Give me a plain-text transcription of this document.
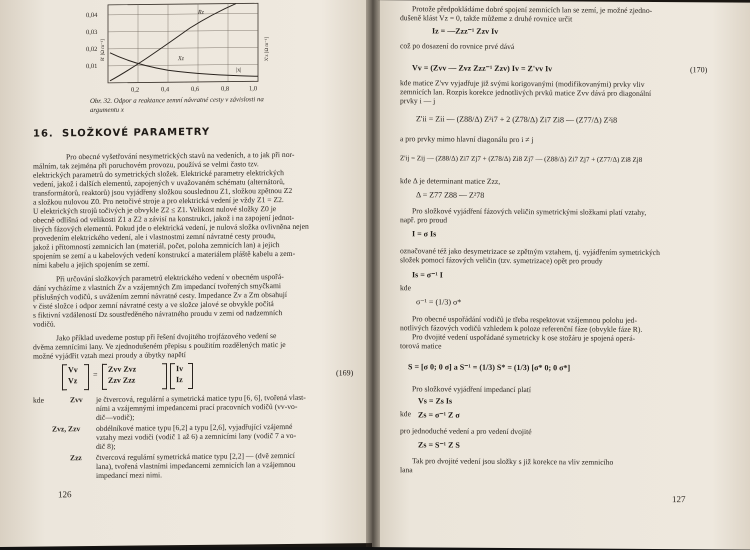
Rz
Xz
0,04
0,03
0,02
0,01
0,2	0,4	0,6	0,8	1,0
|x|
R' [Ω m⁻¹]	X'z [Ω m⁻¹]
Obr. 32. Odpor a reaktance zemní návratné cesty v závislosti na
argumentu x
16. SLOŽKOVÉ PARAMETRY
Pro obecné vyšetřování nesymetrických stavů na vedeních, a to jak při nor-
málním, tak zejména při poruchovém provozu, používá se velmi často tzv.
elektrických parametrů do symetrických složek. Elektrické parametry elektrických
vedení, jakož i dalších elementů, zapojených v uvažovaném schématu (alternátorů,
transformátorů, reaktorů) jsou vyjádřeny složkou souslednou Z1, složkou zpětnou Z2
a složkou nulovou Z0. Pro netočivé stroje a pro elektrická vedení je vždy Z1 = Z2.
U elektrických strojů točivých je obvykle Z2 ≤ Z1. Velikost nulové složky Z0 je
obecně odlišná od velikosti Z1 a Z2 a závisí na konstrukci, jakož i na zapojení jednot-
livých fázových elementů. Pokud jde o elektrická vedení, je nulová složka ovlivněna nejen
provedením elektrického vedení, ale i vlastnostmi zemní návratné cesty proudu,
jakož i přítomností zemnicích lan (materiál, počet, poloha zemnicích lan) a jejich
spojením se zemí a u kabelových vedení konstrukcí a materiálem pláště kabelu a zem-
ními kabelu a jejich spojením se zemí.
Při určování složkových parametrů elektrického vedení v obecném uspořá-
dání vycházíme z vlastních Zv a vzájemných Zm impedancí tvořených smyčkami
příslušných vodičů, s uvážením zemní návratné cesty. Impedance Zv a Zm obsahují
v čisté složce i odpor zemní návratné cesty a ve složce jalové se obvykle počítá
s fiktivní vzdáleností Dz soustředěného návratného proudu v zemi od nadzemních
vodičů.
Jako příklad uvedeme postup při řešení dvojitého trojfázového vedení se
dvěma zemnícími lany. Ve zjednodušeném přepisu s použitím rozdělených matic je
možné vyjádřit vztah mezi proudy a úbytky napětí
Vv
Vz
=
Zvv Zvz
Zzv Zzz
Iv
Iz
(169)
kde	Zvv je čtvercová, regulární a symetrická matice typu [6, 6], tvořená vlast-
ními a vzájemnými impedancemi prací pracovních vodičů (vv-vo-
dič—vodič);
Zvz, Zzv obdélníkové matice typu [6,2] a typu [2,6], vyjadřující vzájemné
vztahy mezi vodiči (vodič 1 až 6) a zemnicími lany (vodič 7 a vo-
dič 8);
Zzz čtvercová regulární symetrická matice typu [2,2] — (dvě zemnicí
lana), tvořená vlastními impedancemi zemnicích lan a vzájemnou
impedancí mezi nimi.
126
Protože předpokládáme dobré spojení zemnicích lan se zemí, je možné zjedno-
dušeně klást Vz = 0, takže můžeme z druhé rovnice určit
Iz = —Zzz⁻¹ Zzv Iv
což po dosazení do rovnice prvé dává
Vv = (Zvv — Zvz Zzz⁻¹ Zzv) Iv = Z'vv Iv	(170)
kde matice Z'vv vyjadřuje již svými korigovanými (modifikovanými) prvky vliv
zemnicích lan. Rozpis korekce jednotlivých prvků matice Zvv dává pro diagonální
prvky i — j
Z'ii = Zii — (Z88/Δ) Z²i7 + 2 (Z78/Δ) Zi7 Zi8 — (Z77/Δ) Z²i8
a pro prvky mimo hlavní diagonálu pro i ≠ j
Z'ij = Zij — (Z88/Δ) Zi7 Zj7 + (Z78/Δ) Zi8 Zj7 — (Z88/Δ) Zi7 Zj7 + (Z77/Δ) Zi8 Zj8
kde Δ je determinant matice Zzz,
Δ = Z77 Z88 — Z²78
Pro složkové vyjádření fázových veličin symetrickými složkami platí vztahy,
např. pro proud
I = σ Is
označované též jako desymetrizace se zpětným vztahem, tj. vyjádřením symetrických
složek pomocí fázových veličin (tzv. symetrizace) opět pro proudy
Is = σ⁻¹ I
kde
σ⁻¹ = (1/3) σ*
Pro obecné uspořádání vodičů je třeba respektovat vzájemnou polohu jed-
notlivých fázových vodičů vzhledem k poloze referenční fáze (obvykle fáze R).
Pro dvojité vedení uspořádané symetricky k ose stožáru je spojená operá-
torová matice
S = [σ 0; 0 σ] a S⁻¹ = (1/3) S* = (1/3) [σ* 0; 0 σ*]
Pro složkové vyjádření impedancí platí
Vs = Zs Is
kde Zs = σ⁻¹ Z σ
pro jednoduché vedení a pro vedení dvojité
Zs = S⁻¹ Z S
Tak pro dvojité vedení jsou složky s již korekce na vliv zemnicího
lana
127
